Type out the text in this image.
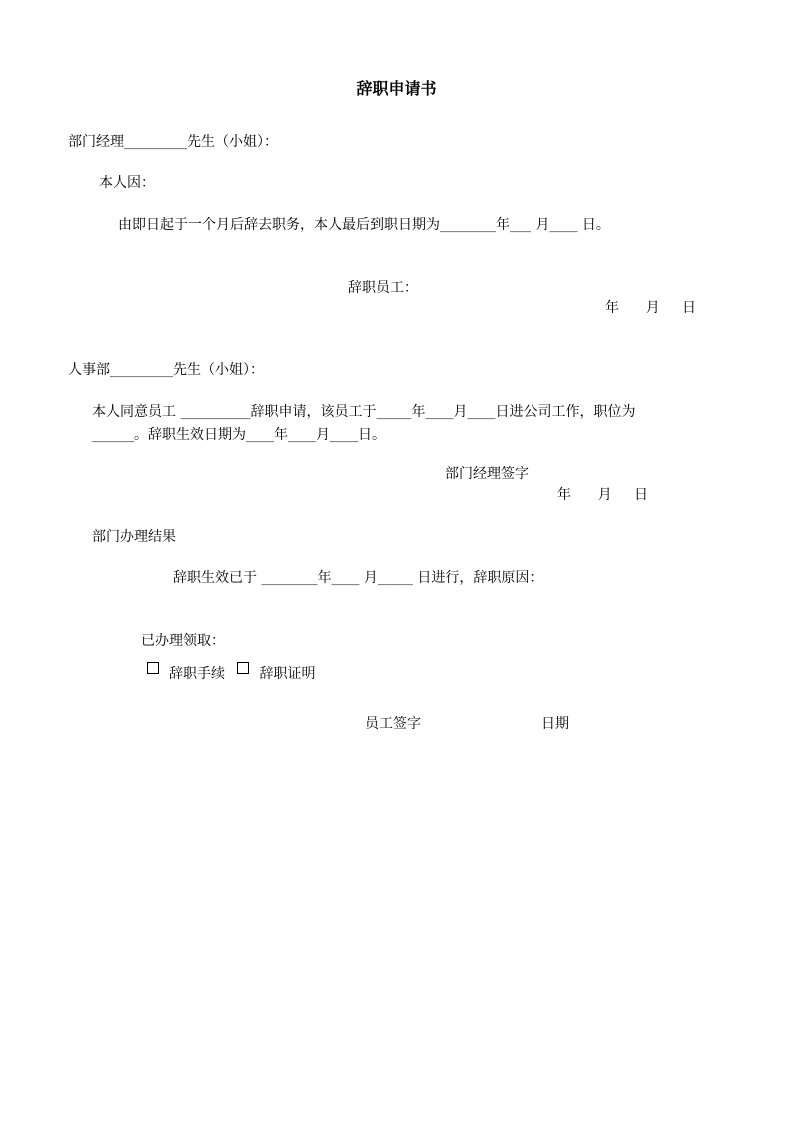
辞职申请书
部门经理_________先生（小姐）：
本人因：
由即日起于一个月后辞去职务，本人最后到职日期为________年___ 月____ 日。
辞职员工：
年      月     日
人事部_________先生（小姐）：
本人同意员工 __________辞职申请，该员工于_____年____月____日进公司工作，职位为
______。辞职生效日期为____年____月____日。
部门经理签字
年      月     日
部门办理结果
辞职生效已于 ________年____ 月_____ 日进行，辞职原因：
已办理领取：
辞职手续 辞职证明
员工签字	日期
